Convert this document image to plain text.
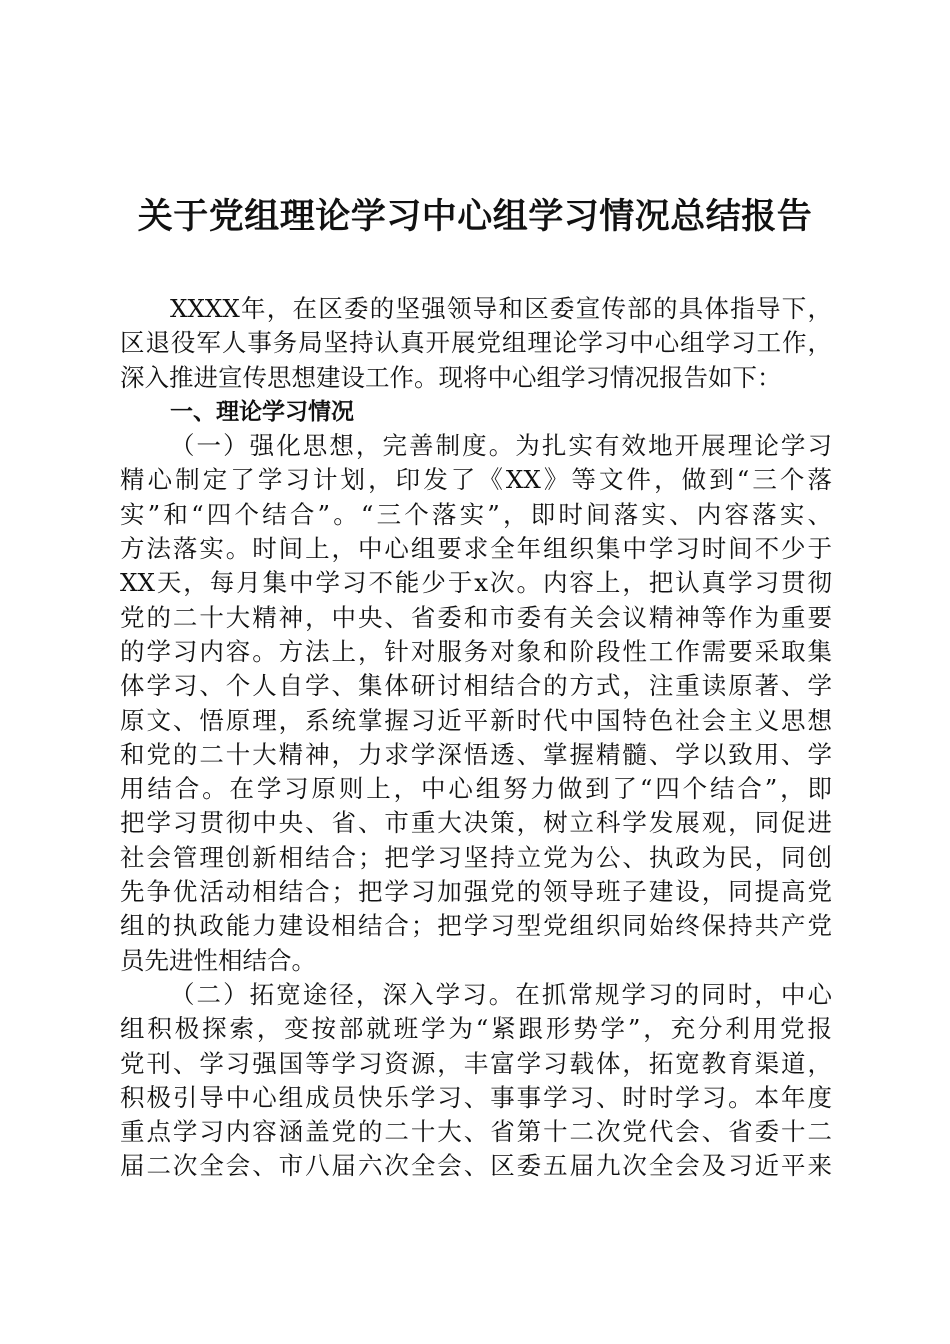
关于党组理论学习中心组学习情况总结报告
XXXX年，在区委的坚强领导和区委宣传部的具体指导下，
区退役军人事务局坚持认真开展党组理论学习中心组学习工作，
深入推进宣传思想建设工作。现将中心组学习情况报告如下：
一、理论学习情况
（一）强化思想，完善制度。为扎实有效地开展理论学习
精心制定了学习计划，印发了《XX》等文件，做到“三个落
实”和“四个结合”。“三个落实”，即时间落实、内容落实、
方法落实。时间上，中心组要求全年组织集中学习时间不少于
XX天，每月集中学习不能少于x次。内容上，把认真学习贯彻
党的二十大精神，中央、省委和市委有关会议精神等作为重要
的学习内容。方法上，针对服务对象和阶段性工作需要采取集
体学习、个人自学、集体研讨相结合的方式，注重读原著、学
原文、悟原理，系统掌握习近平新时代中国特色社会主义思想
和党的二十大精神，力求学深悟透、掌握精髓、学以致用、学
用结合。在学习原则上，中心组努力做到了“四个结合”，即
把学习贯彻中央、省、市重大决策，树立科学发展观，同促进
社会管理创新相结合；把学习坚持立党为公、执政为民，同创
先争优活动相结合；把学习加强党的领导班子建设，同提高党
组的执政能力建设相结合；把学习型党组织同始终保持共产党
员先进性相结合。
（二）拓宽途径，深入学习。在抓常规学习的同时，中心
组积极探索，变按部就班学为“紧跟形势学”，充分利用党报
党刊、学习强国等学习资源，丰富学习载体，拓宽教育渠道，
积极引导中心组成员快乐学习、事事学习、时时学习。本年度
重点学习内容涵盖党的二十大、省第十二次党代会、省委十二
届二次全会、市八届六次全会、区委五届九次全会及习近平来
